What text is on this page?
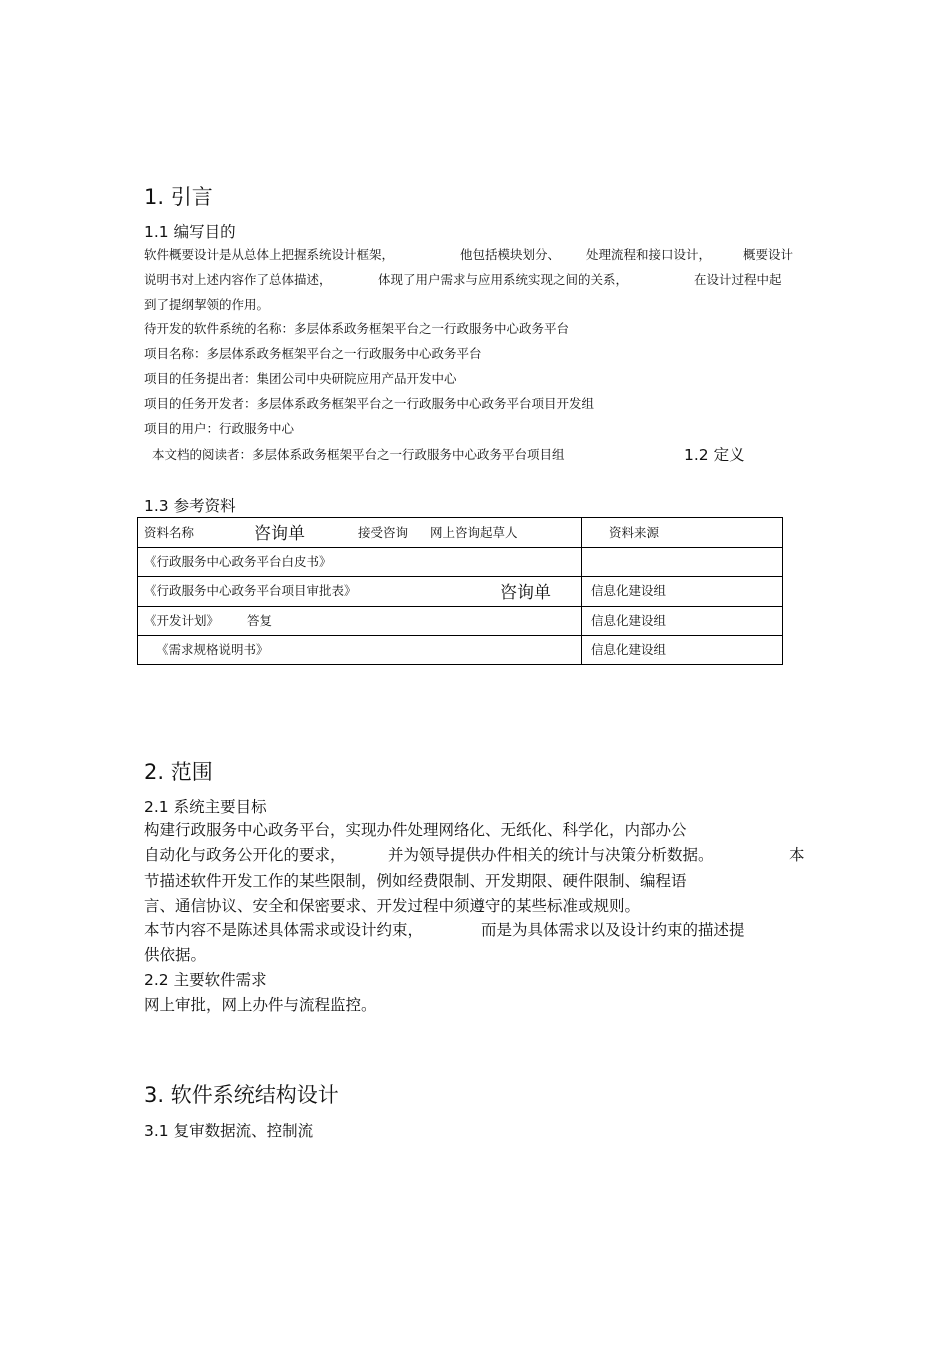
1. 引言
1.1 编写目的
软件概要设计是从总体上把握系统设计框架，	他包括模块划分、 处理流程和接口设计，	概要设计
说明书对上述内容作了总体描述，	体现了用户需求与应用系统实现之间的关系，	在设计过程中起
到了提纲挈领的作用。
待开发的软件系统的名称：多层体系政务框架平台之一行政服务中心政务平台
项目名称：多层体系政务框架平台之一行政服务中心政务平台
项目的任务提出者：集团公司中央研院应用产品开发中心
项目的任务开发者：多层体系政务框架平台之一行政服务中心政务平台项目开发组
项目的用户：行政服务中心
本文档的阅读者：多层体系政务框架平台之一行政服务中心政务平台项目组	1.2 定义
1.3 参考资料
资料名称	咨询单	接受咨询 网上咨询起草人	资料来源
《行政服务中心政务平台白皮书》
《行政服务中心政务平台项目审批表》	咨询单	信息化建设组
《开发计划》 答复	信息化建设组
《需求规格说明书》	信息化建设组
2. 范围
2.1 系统主要目标
构建行政服务中心政务平台，实现办件处理网络化、无纸化、科学化，内部办公
自动化与政务公开化的要求，	并为领导提供办件相关的统计与决策分析数据。	本
节描述软件开发工作的某些限制，例如经费限制、开发期限、硬件限制、编程语
言、通信协议、安全和保密要求、开发过程中须遵守的某些标准或规则。
本节内容不是陈述具体需求或设计约束，	而是为具体需求以及设计约束的描述提
供依据。
2.2 主要软件需求
网上审批，网上办件与流程监控。
3. 软件系统结构设计
3.1 复审数据流、控制流
